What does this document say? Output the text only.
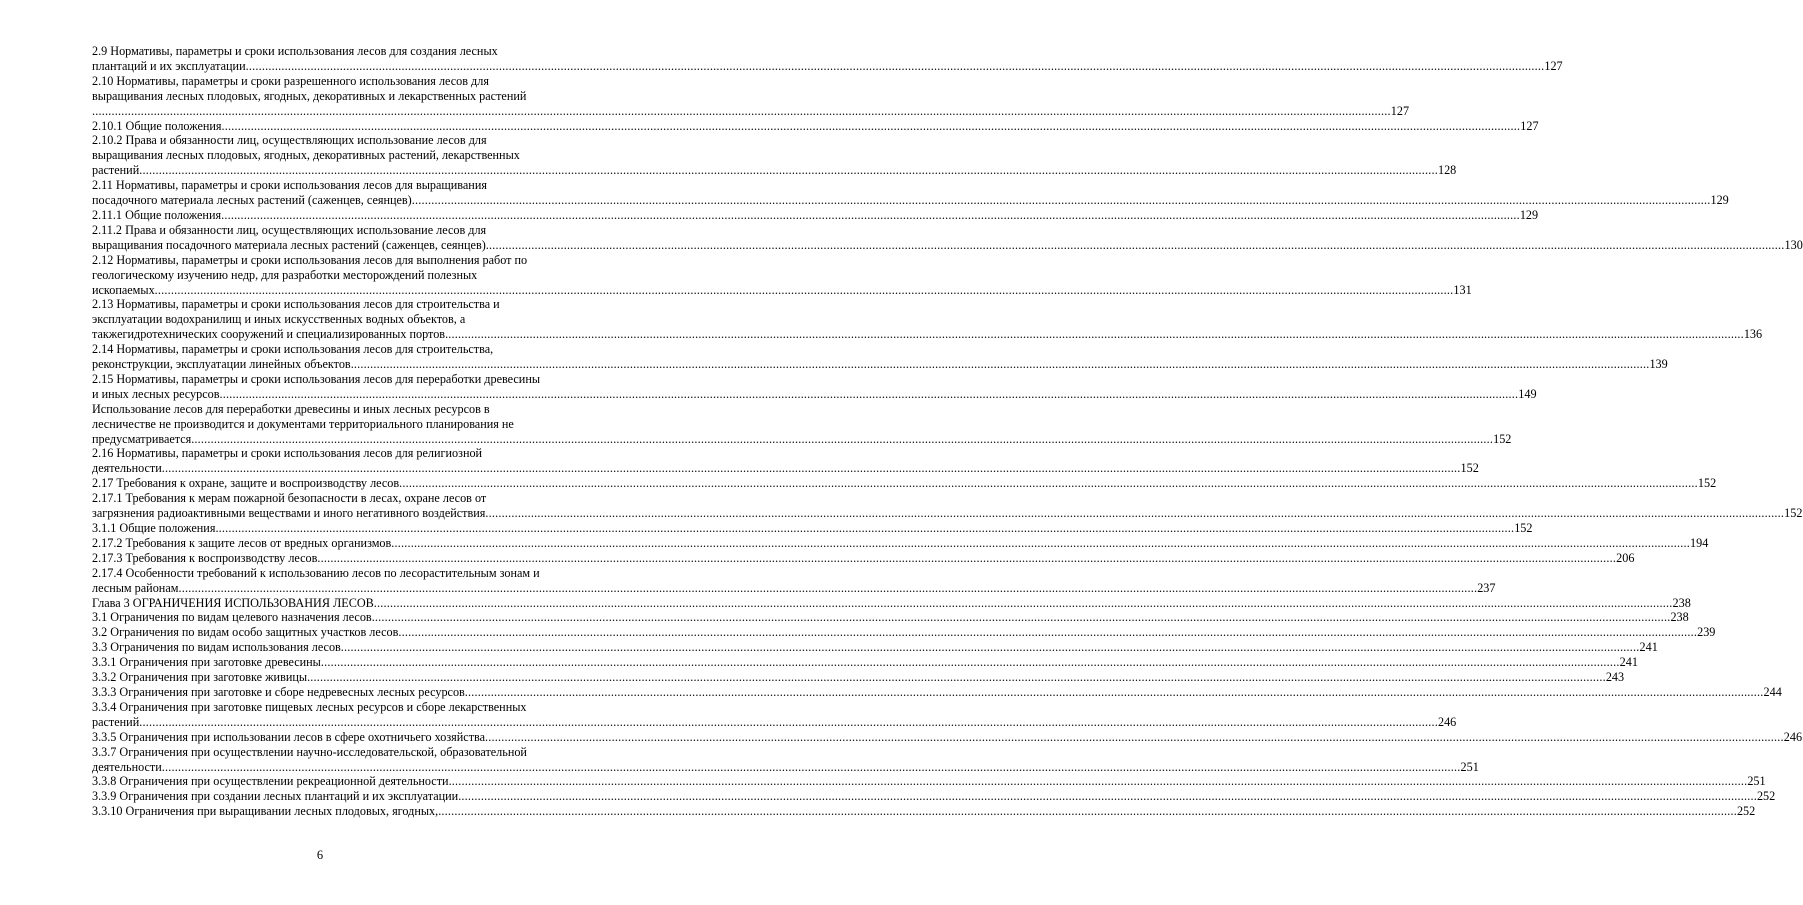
2.9 Нормативы, параметры и сроки использования лесов для создания лесных
плантаций и их эксплуатации ................................................................................................................................................................................................................................................................................................................................................................................................................ 127
2.10 Нормативы, параметры и сроки разрешенного использования лесов для
выращивания лесных плодовых, ягодных, декоративных и лекарственных растений
................................................................................................................................................................................................................................................................................................................................................................................................................ 127
2.10.1 Общие положения ................................................................................................................................................................................................................................................................................................................................................................................................................ 127
2.10.2 Права и обязанности лиц, осуществляющих использование лесов для
выращивания лесных плодовых, ягодных, декоративных растений, лекарственных
растений ................................................................................................................................................................................................................................................................................................................................................................................................................ 128
2.11 Нормативы, параметры и сроки использования лесов для выращивания
посадочного материала лесных растений (саженцев, сеянцев) ................................................................................................................................................................................................................................................................................................................................................................................................................ 129
2.11.1 Общие положения ................................................................................................................................................................................................................................................................................................................................................................................................................ 129
2.11.2 Права и обязанности лиц, осуществляющих использование лесов для
выращивания посадочного материала лесных растений (саженцев, сеянцев) ................................................................................................................................................................................................................................................................................................................................................................................................................ 130
2.12 Нормативы, параметры и сроки использования лесов для выполнения работ по
геологическому изучению недр, для разработки месторождений полезных
ископаемых ................................................................................................................................................................................................................................................................................................................................................................................................................ 131
2.13 Нормативы, параметры и сроки использования лесов для строительства и
эксплуатации водохранилищ и иных искусственных водных объектов, а
такжегидротехнических сооружений и специализированных портов ................................................................................................................................................................................................................................................................................................................................................................................................................ 136
2.14 Нормативы, параметры и сроки использования лесов для строительства,
реконструкции, эксплуатации линейных объектов ................................................................................................................................................................................................................................................................................................................................................................................................................ 139
2.15 Нормативы, параметры и сроки использования лесов для переработки древесины
и иных лесных ресурсов ................................................................................................................................................................................................................................................................................................................................................................................................................ 149
Использование лесов для переработки древесины и иных лесных ресурсов в
лесничестве не производится и документами территориального планирования не
предусматривается. ................................................................................................................................................................................................................................................................................................................................................................................................................ 152
2.16 Нормативы, параметры и сроки использования лесов для религиозной
деятельности ................................................................................................................................................................................................................................................................................................................................................................................................................ 152
2.17 Требования к охране, защите и воспроизводству лесов ................................................................................................................................................................................................................................................................................................................................................................................................................ 152
2.17.1 Требования к мерам пожарной безопасности в лесах, охране лесов от
загрязнения радиоактивными веществами и иного негативного воздействия ................................................................................................................................................................................................................................................................................................................................................................................................................ 152
3.1.1 Общие положения ................................................................................................................................................................................................................................................................................................................................................................................................................ 152
2.17.2 Требования к защите лесов от вредных организмов ................................................................................................................................................................................................................................................................................................................................................................................................................ 194
2.17.3 Требования к воспроизводству лесов ................................................................................................................................................................................................................................................................................................................................................................................................................ 206
2.17.4 Особенности требований к использованию лесов по лесорастительным зонам и
лесным районам ................................................................................................................................................................................................................................................................................................................................................................................................................ 237
Глава 3 ОГРАНИЧЕНИЯ ИСПОЛЬЗОВАНИЯ ЛЕСОВ ................................................................................................................................................................................................................................................................................................................................................................................................................ 238
3.1 Ограничения по видам целевого назначения лесов ................................................................................................................................................................................................................................................................................................................................................................................................................ 238
3.2 Ограничения по видам особо защитных участков лесов ................................................................................................................................................................................................................................................................................................................................................................................................................ 239
3.3 Ограничения по видам использования лесов ................................................................................................................................................................................................................................................................................................................................................................................................................ 241
3.3.1 Ограничения при заготовке древесины ................................................................................................................................................................................................................................................................................................................................................................................................................ 241
3.3.2 Ограничения при заготовке живицы ................................................................................................................................................................................................................................................................................................................................................................................................................ 243
3.3.3 Ограничения при заготовке и сборе недревесных лесных ресурсов ................................................................................................................................................................................................................................................................................................................................................................................................................ 244
3.3.4 Ограничения при заготовке пищевых лесных ресурсов и сборе лекарственных
растений ................................................................................................................................................................................................................................................................................................................................................................................................................ 246
3.3.5 Ограничения при использовании лесов в сфере охотничьего хозяйства ................................................................................................................................................................................................................................................................................................................................................................................................................ 246
3.3.7 Ограничения при осуществлении научно-исследовательской, образовательной
деятельности ................................................................................................................................................................................................................................................................................................................................................................................................................ 251
3.3.8 Ограничения при осуществлении рекреационной деятельности ................................................................................................................................................................................................................................................................................................................................................................................................................ 251
3.3.9 Ограничения при создании лесных плантаций и их эксплуатации ................................................................................................................................................................................................................................................................................................................................................................................................................ 252
3.3.10 Ограничения при выращивании лесных плодовых, ягодных, ................................................................................................................................................................................................................................................................................................................................................................................................................ 252
6
